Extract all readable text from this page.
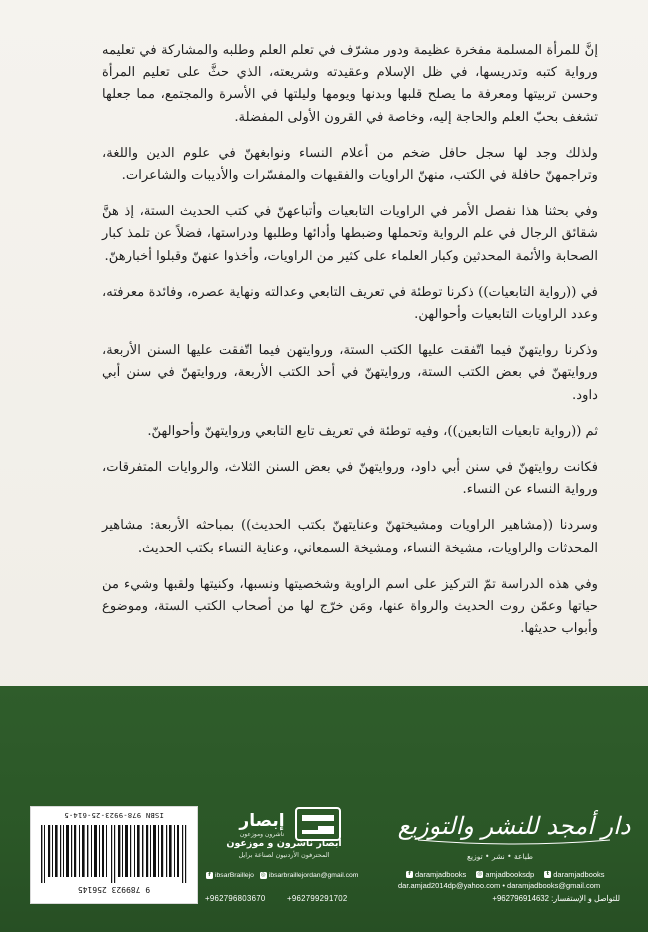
إنَّ للمرأة المسلمة مفخرة عظيمة ودور مشرّف في تعلم العلم وطلبه والمشاركة في تعليمه ورواية كتبه وتدريسها، في ظل الإسلام وعقيدته وشريعته، الذي حثَّ على تعليم المرأة وحسن تربيتها ومعرفة ما يصلح قلبها وبدنها ويومها وليلتها في الأسرة والمجتمع، مما جعلها تشغف بحبّ العلم والحاجة إليه، وخاصة في القرون الأولى المفضلة.

ولذلك وجد لها سجل حافل ضخم من أعلام النساء ونوابغهنّ في علوم الدين واللغة، وتراجمهنّ حافلة في الكتب، منهنّ الراويات والفقيهات والمفسّرات والأديبات والشاعرات.

وفي بحثنا هذا نفصل الأمر في الراويات التابعيات وأتباعهنّ في كتب الحديث الستة، إذ هنَّ شقائق الرجال في علم الرواية وتحملها وضبطها وأدائها وطلبها ودراستها، فضلاً عن تلمذ كبار الصحابة والأئمة المحدثين وكبار العلماء على كثير من الراويات، وأخذوا عنهنّ وقبلوا أخبارهنّ.

في ((رواية التابعيات)) ذكرنا توطئة في تعريف التابعي وعدالته ونهاية عصره، وفائدة معرفته، وعدد الراويات التابعيات وأحوالهن.

وذكرنا روايتهنّ فيما اتّفقت عليها الكتب الستة، وروايتهن فيما اتّفقت عليها السنن الأربعة، وروايتهنّ في بعض الكتب الستة، وروايتهنّ في أحد الكتب الأربعة، وروايتهنّ في سنن أبي داود.

ثم ((رواية تابعيات التابعين))، وفيه توطئة في تعريف تابع التابعي وروايتهنّ وأحوالهنّ.

فكانت روايتهنّ في سنن أبي داود، وروايتهنّ في بعض السنن الثلاث، والروايات المتفرقات، ورواية النساء عن النساء.

وسردنا ((مشاهير الراويات ومشيختهنّ وعنايتهنّ بكتب الحديث)) بمباحثه الأربعة: مشاهير المحدثات والراويات، مشيخة النساء، ومشيخة السمعاني، وعناية النساء بكتب الحديث.

وفي هذه الدراسة تمّ التركيز على اسم الراوية وشخصيتها ونسبها، وكنيتها ولقبها وشيء من حياتها وعمّن روت الحديث والرواة عنها، ومَن خرّج لها من أصحاب الكتب الستة، وموضوع وأبواب حديثها.

ISBN 978-9923-25-614-5
9 789923 256145
إبصار
ناشرون وموزعون
ابصار ناشرون و موزعون
المحترفون الأردنيون لصناعة برايل
f ibsarBraillejo
◎ ibsarbraillejordan@gmail.com
+962796803670	+962799291702
دار أمجد للنشر والتوزيع
طباعة • نشر • توزيع
f daramjadbooks
◎ amjadbooksdp
	t daramjadbooks
dar.amjad2014dp@yahoo.com • daramjadbooks@gmail.com
للتواصل و الإستفسار: +962796914632
